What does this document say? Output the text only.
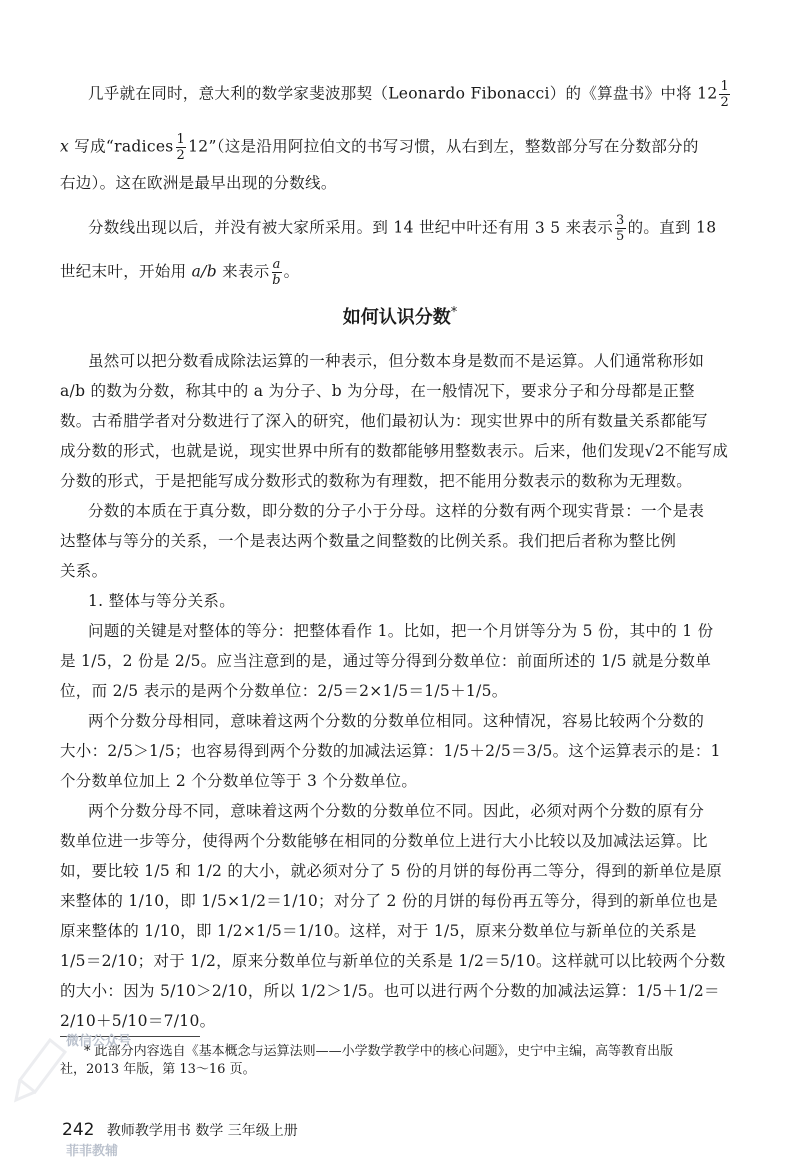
几乎就在同时，意大利的数学家斐波那契（Leonardo Fibonacci）的《算盘书》中将 $12 \frac{1}{2}$
x 写成“radices $\frac{1}{2}$ 12”（这是沿用阿拉伯文的书写习惯，从右到左，整数部分写在分数部分的
右边）。这在欧洲是最早出现的分数线。
分数线出现以后，并没有被大家所采用。到 14 世纪中叶还有用 3 5 来表示 $\frac{3}{5}$ 的。直到 18
世纪末叶，开始用 a/b 来表示 $\frac{a}{b}$ 。
如何认识分数*
虽然可以把分数看成除法运算的一种表示，但分数本身是数而不是运算。人们通常称形如
a/b 的数为分数，称其中的 a 为分子、b 为分母，在一般情况下，要求分子和分母都是正整
数。古希腊学者对分数进行了深入的研究，他们最初认为：现实世界中的所有数量关系都能写
成分数的形式，也就是说，现实世界中所有的数都能够用整数表示。后来，他们发现√2不能写成
分数的形式，于是把能写成分数形式的数称为有理数，把不能用分数表示的数称为无理数。
分数的本质在于真分数，即分数的分子小于分母。这样的分数有两个现实背景：一个是表
达整体与等分的关系，一个是表达两个数量之间整数的比例关系。我们把后者称为整比例
关系。
1. 整体与等分关系。
问题的关键是对整体的等分：把整体看作 1。比如，把一个月饼等分为 5 份，其中的 1 份
是 1/5，2 份是 2/5。应当注意到的是，通过等分得到分数单位：前面所述的 1/5 就是分数单
位，而 2/5 表示的是两个分数单位：2/5＝2×1/5＝1/5＋1/5。
两个分数分母相同，意味着这两个分数的分数单位相同。这种情况，容易比较两个分数的
大小：2/5＞1/5；也容易得到两个分数的加减法运算：1/5＋2/5＝3/5。这个运算表示的是：1
个分数单位加上 2 个分数单位等于 3 个分数单位。
两个分数分母不同，意味着这两个分数的分数单位不同。因此，必须对两个分数的原有分
数单位进一步等分，使得两个分数能够在相同的分数单位上进行大小比较以及加减法运算。比
如，要比较 1/5 和 1/2 的大小，就必须对分了 5 份的月饼的每份再二等分，得到的新单位是原
来整体的 1/10，即 1/5×1/2＝1/10；对分了 2 份的月饼的每份再五等分，得到的新单位也是
原来整体的 1/10，即 1/2×1/5＝1/10。这样，对于 1/5，原来分数单位与新单位的关系是
1/5＝2/10；对于 1/2，原来分数单位与新单位的关系是 1/2＝5/10。这样就可以比较两个分数
的大小：因为 5/10＞2/10，所以 1/2＞1/5。也可以进行两个分数的加减法运算：1/5＋1/2＝
2/10＋5/10＝7/10。
* 此部分内容选自《基本概念与运算法则——小学数学教学中的核心问题》，史宁中主编，高等教育出版
社，2013 年版，第 13～16 页。
微信公众号
242 教师教学用书 数学 三年级上册
菲菲教辅
